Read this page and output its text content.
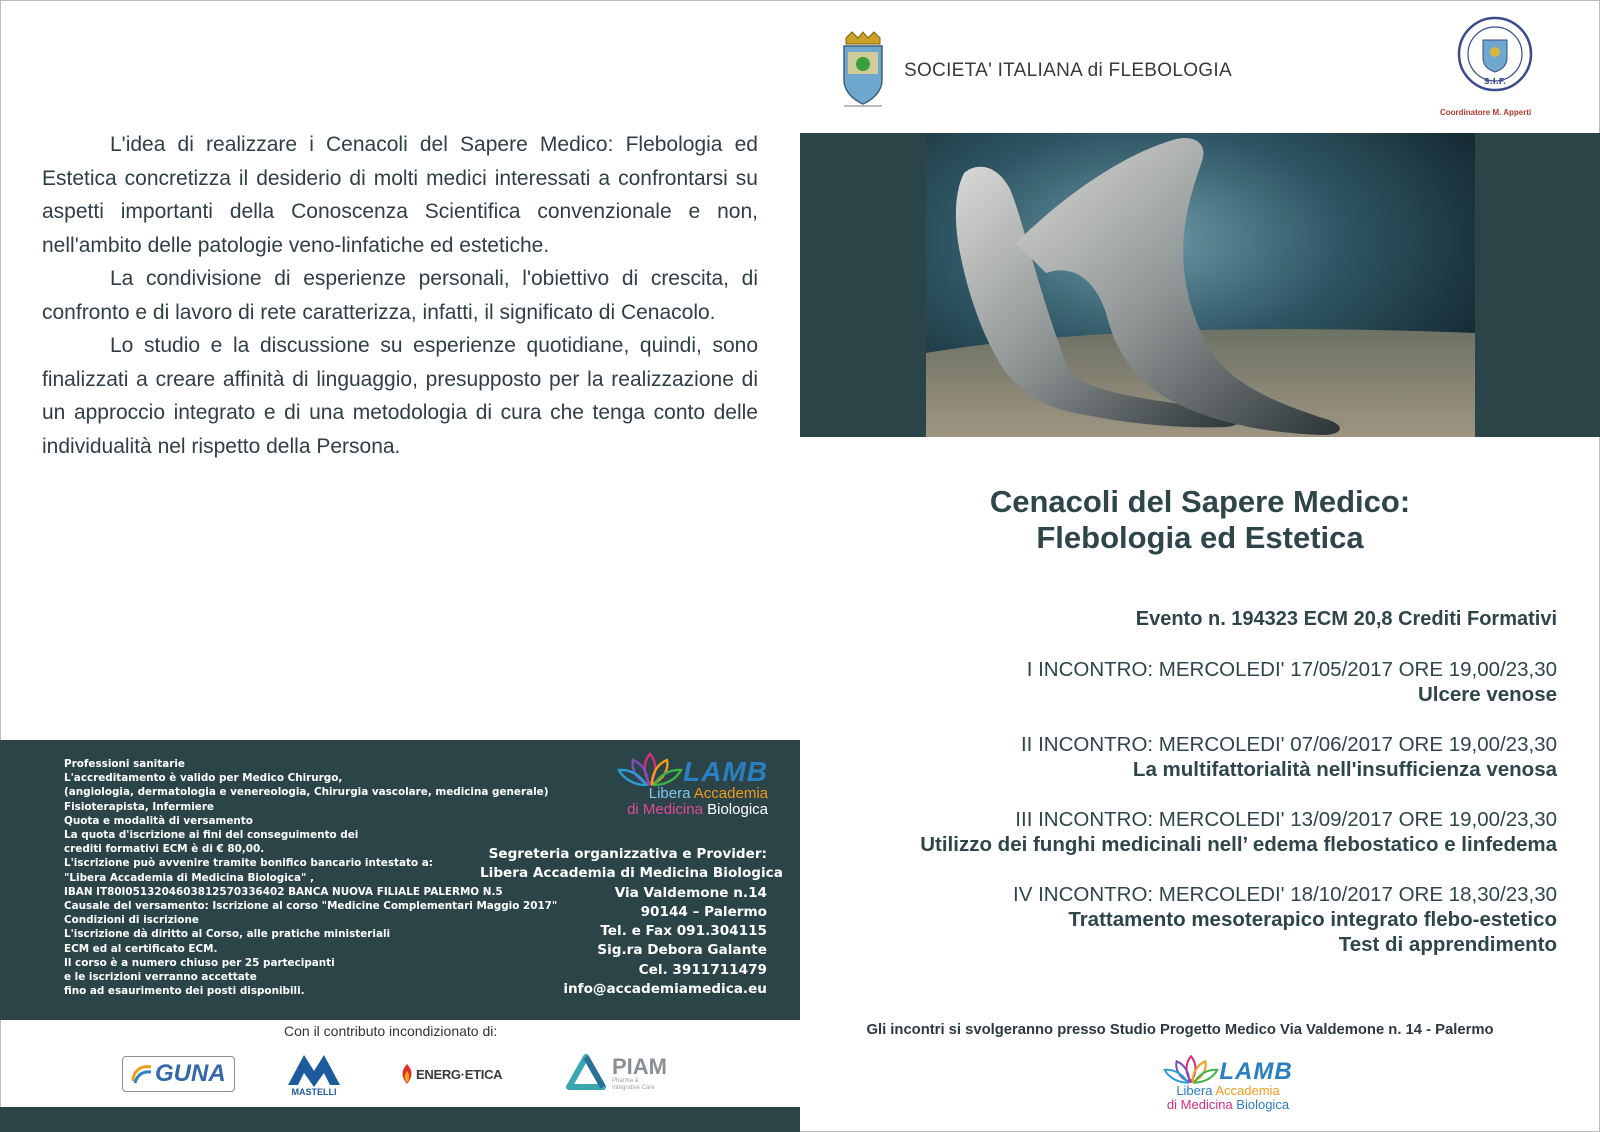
L'idea di realizzare i Cenacoli del Sapere Medico: Flebologia ed Estetica concretizza il desiderio di molti medici interessati a confrontarsi su aspetti importanti della Conoscenza Scientifica convenzionale e non, nell'ambito delle patologie veno-linfatiche ed estetiche.

La condivisione di esperienze personali, l'obiettivo di crescita, di confronto e di lavoro di rete caratterizza, infatti, il significato di Cenacolo.

Lo studio e la discussione su esperienze quotidiane, quindi, sono finalizzati a creare affinità di linguaggio, presupposto per la realizzazione di un approccio integrato e di una metodologia di cura che tenga conto delle individualità nel rispetto della Persona.

Professioni sanitarie
L'accreditamento è valido per Medico Chirurgo,
(angiologia, dermatologia e venereologia, Chirurgia vascolare, medicina generale)
Fisioterapista, Infermiere
Quota e modalità di versamento
La quota d'iscrizione ai fini del conseguimento dei
crediti formativi ECM è di € 80,00.
L'iscrizione può avvenire tramite bonifico bancario intestato a:
"Libera Accademia di Medicina Biologica" ,
IBAN IT80I0513204603812570336402 BANCA NUOVA FILIALE PALERMO N.5
Causale del versamento: Iscrizione al corso "Medicine Complementari Maggio 2017"
Condizioni di iscrizione
L'iscrizione dà diritto al Corso, alle pratiche ministeriali
ECM ed al certificato ECM.
Il corso è a numero chiuso per 25 partecipanti
e le iscrizioni verranno accettate
fino ad esaurimento dei posti disponibili.
LAMB
Libera Accademia
di Medicina Biologica
Segreteria organizzativa e Provider:
Libera Accademia di Medicina Biologica
Via Valdemone n.14
90144 – Palermo
Tel. e Fax 091.304115
Sig.ra Debora Galante
Cel. 3911711479
info@accademiamedica.eu
Con il contributo incondizionato di:
GUNA
MASTELLI
ENERG·ETICA	PIAM
Pharma &
Integrative Care
SOCIETA' ITALIANA di FLEBOLOGIA
S.I.F.
Coordinatore M. Apperti
Cenacoli del Sapere Medico:
Flebologia ed Estetica
Evento n. 194323 ECM 20,8 Crediti Formativi
I INCONTRO: MERCOLEDI' 17/05/2017 ORE 19,00/23,30
Ulcere venose
II INCONTRO: MERCOLEDI' 07/06/2017 ORE 19,00/23,30
La multifattorialità nell'insufficienza venosa
III INCONTRO: MERCOLEDI' 13/09/2017 ORE 19,00/23,30
Utilizzo dei funghi medicinali nell’ edema flebostatico e linfedema
IV INCONTRO: MERCOLEDI' 18/10/2017 ORE 18,30/23,30
Trattamento mesoterapico integrato flebo-estetico
Test di apprendimento
Gli incontri si svolgeranno presso Studio Progetto Medico Via Valdemone n. 14 - Palermo
LAMB
Libera Accademia
di Medicina Biologica
